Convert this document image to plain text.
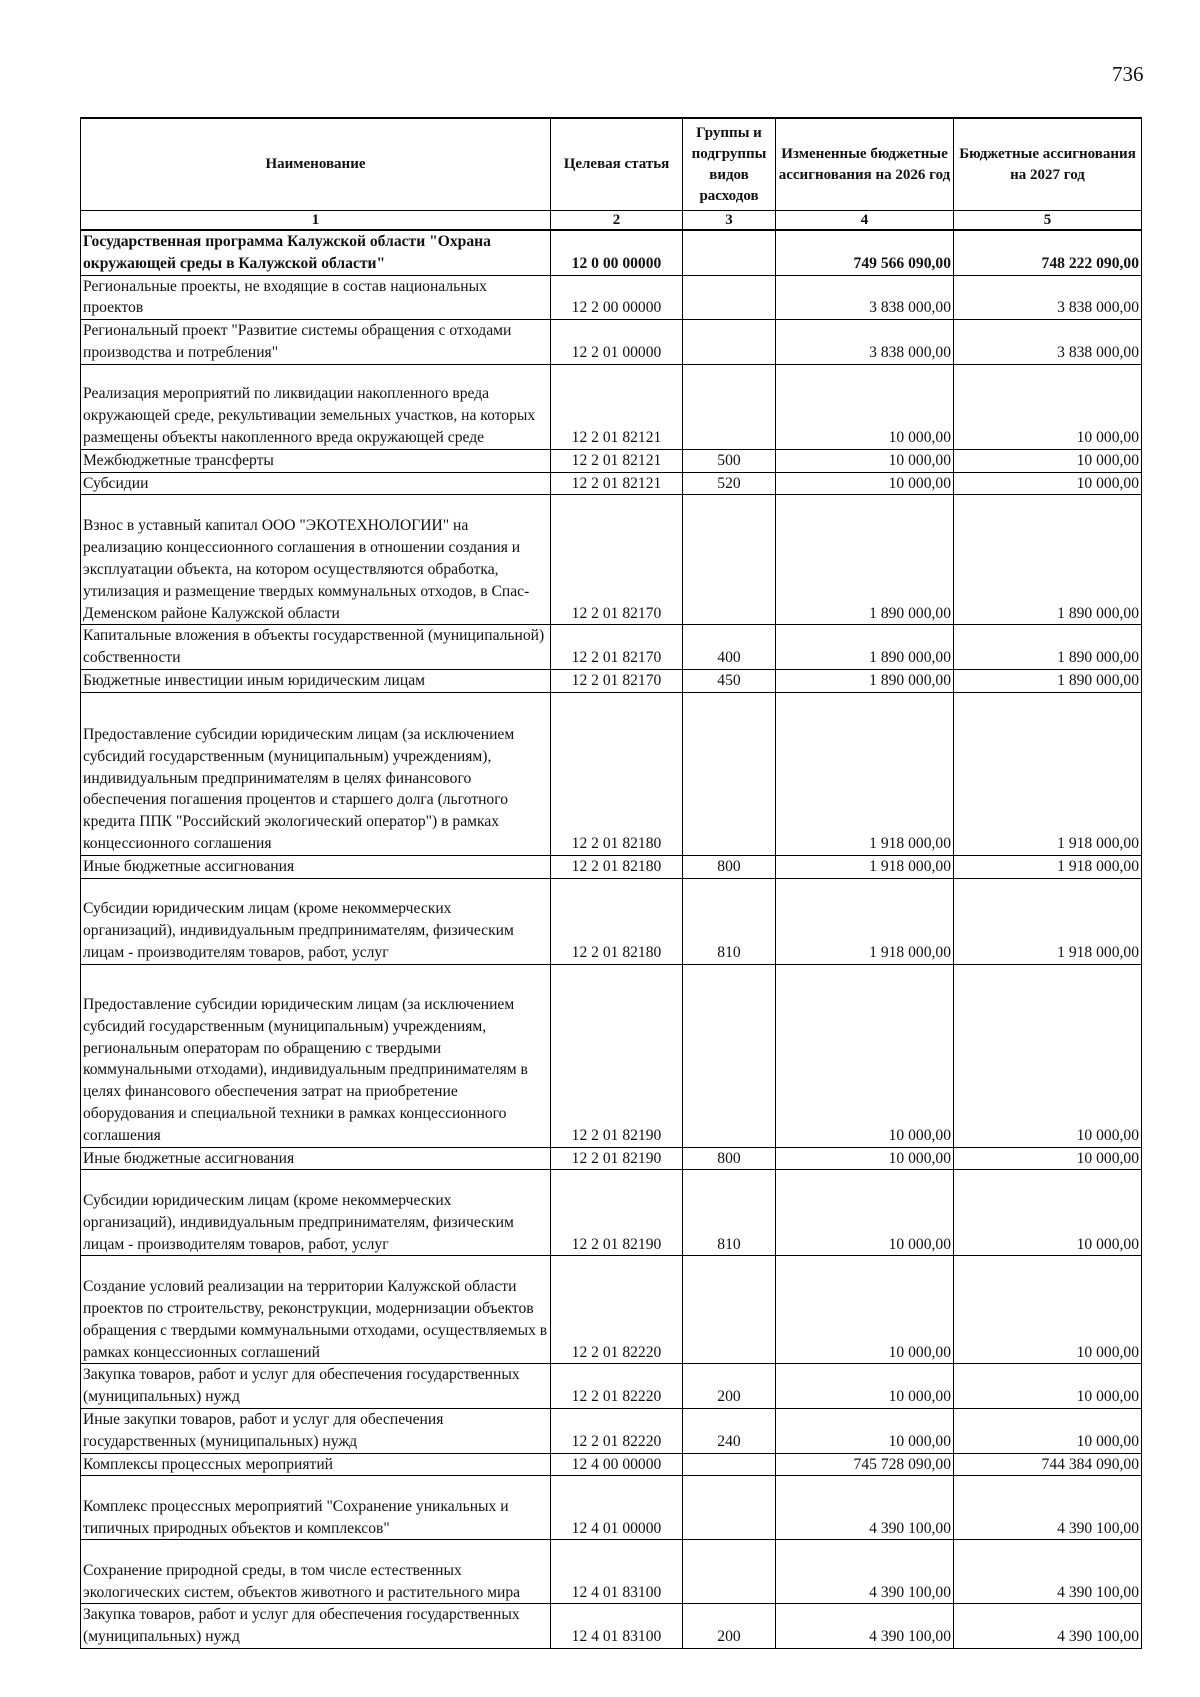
736
Наименование	Целевая статья	Группы и подгруппы видов расходов	Измененные бюджетные ассигнования на 2026 год	Бюджетные ассигнования на 2027 год
1	2	3	4	5
Государственная программа Калужской области "Охрана окружающей среды в Калужской области"	12 0 00 00000		749 566 090,00	748 222 090,00
Региональные проекты, не входящие в состав национальных проектов	12 2 00 00000		3 838 000,00	3 838 000,00
Региональный проект "Развитие системы обращения с отходами производства и потребления"	12 2 01 00000		3 838 000,00	3 838 000,00
Реализация мероприятий по ликвидации накопленного вреда окружающей среде, рекультивации земельных участков, на которых размещены объекты накопленного вреда окружающей среде	12 2 01 82121		10 000,00	10 000,00
Межбюджетные трансферты	12 2 01 82121	500	10 000,00	10 000,00
Субсидии	12 2 01 82121	520	10 000,00	10 000,00
Взнос в уставный капитал ООО "ЭКОТЕХНОЛОГИИ" на реализацию концессионного соглашения в отношении создания и эксплуатации объекта, на котором осуществляются обработка, утилизация и размещение твердых коммунальных отходов, в Спас-Деменском районе Калужской области	12 2 01 82170		1 890 000,00	1 890 000,00
Капитальные вложения в объекты государственной (муниципальной) собственности	12 2 01 82170	400	1 890 000,00	1 890 000,00
Бюджетные инвестиции иным юридическим лицам	12 2 01 82170	450	1 890 000,00	1 890 000,00
Предоставление субсидии юридическим лицам (за исключением субсидий государственным (муниципальным) учреждениям), индивидуальным предпринимателям в целях финансового обеспечения погашения процентов и старшего долга (льготного кредита ППК "Российский экологический оператор") в рамках концессионного соглашения	12 2 01 82180		1 918 000,00	1 918 000,00
Иные бюджетные ассигнования	12 2 01 82180	800	1 918 000,00	1 918 000,00
Субсидии юридическим лицам (кроме некоммерческих организаций), индивидуальным предпринимателям, физическим лицам - производителям товаров, работ, услуг	12 2 01 82180	810	1 918 000,00	1 918 000,00
Предоставление субсидии юридическим лицам (за исключением субсидий государственным (муниципальным) учреждениям, региональным операторам по обращению с твердыми коммунальными отходами), индивидуальным предпринимателям в целях финансового обеспечения затрат на приобретение оборудования и специальной техники в рамках концессионного соглашения	12 2 01 82190		10 000,00	10 000,00
Иные бюджетные ассигнования	12 2 01 82190	800	10 000,00	10 000,00
Субсидии юридическим лицам (кроме некоммерческих организаций), индивидуальным предпринимателям, физическим лицам - производителям товаров, работ, услуг	12 2 01 82190	810	10 000,00	10 000,00
Создание условий реализации на территории Калужской области проектов по строительству, реконструкции, модернизации объектов обращения с твердыми коммунальными отходами, осуществляемых в рамках концессионных соглашений	12 2 01 82220		10 000,00	10 000,00
Закупка товаров, работ и услуг для обеспечения государственных (муниципальных) нужд	12 2 01 82220	200	10 000,00	10 000,00
Иные закупки товаров, работ и услуг для обеспечения государственных (муниципальных) нужд	12 2 01 82220	240	10 000,00	10 000,00
Комплексы процессных мероприятий	12 4 00 00000		745 728 090,00	744 384 090,00
Комплекс процессных мероприятий "Сохранение уникальных и типичных природных объектов и комплексов"	12 4 01 00000		4 390 100,00	4 390 100,00
Сохранение природной среды, в том числе естественных экологических систем, объектов животного и растительного мира	12 4 01 83100		4 390 100,00	4 390 100,00
Закупка товаров, работ и услуг для обеспечения государственных (муниципальных) нужд	12 4 01 83100	200	4 390 100,00	4 390 100,00
